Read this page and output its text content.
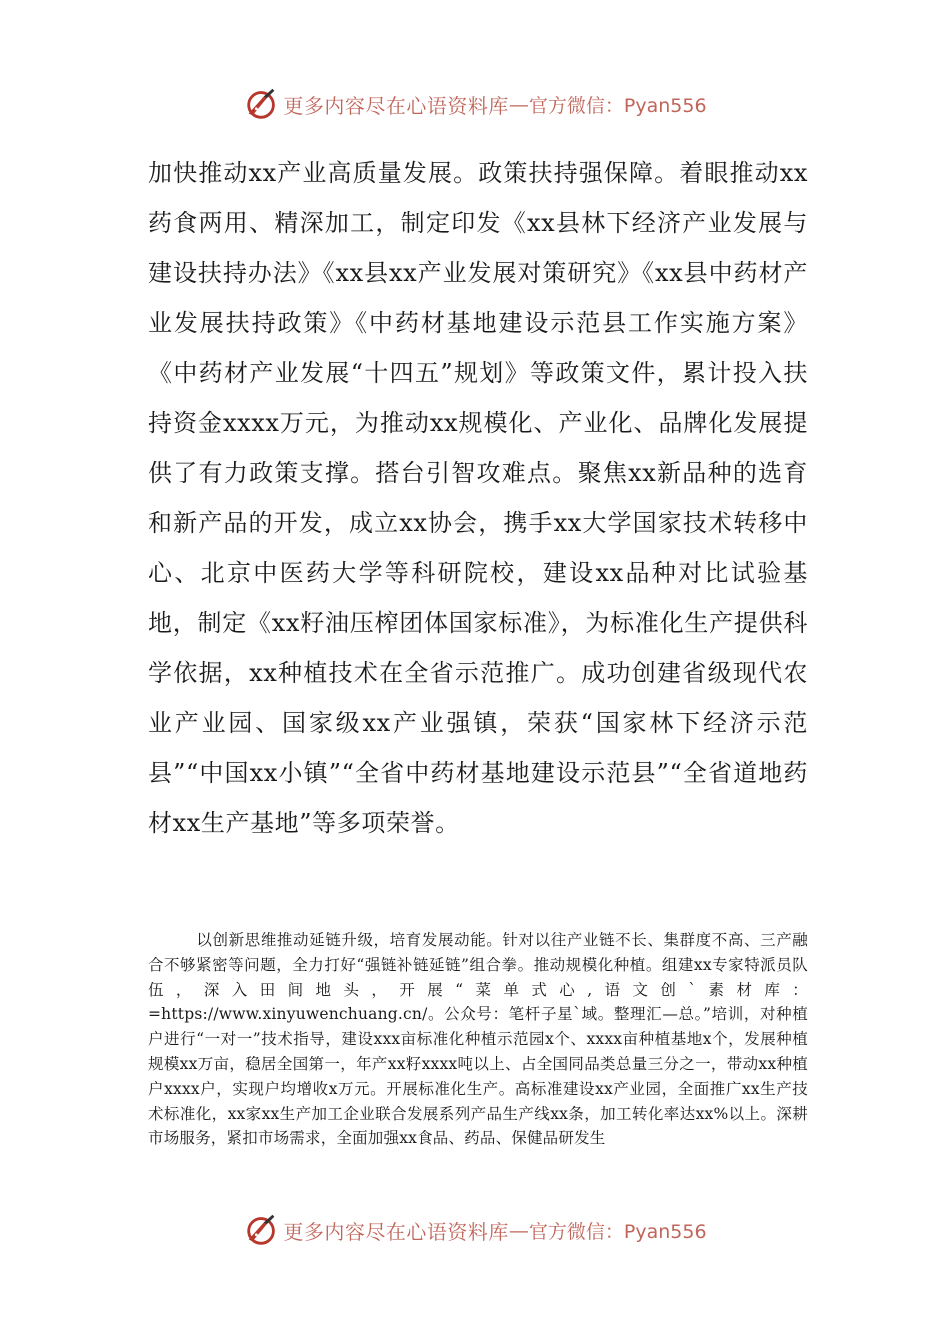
更多内容尽在心语资料库 — 官方微信：Pyan556
加快推动xx产业高质量发展。政策扶持强保障。着眼推动xx药食两用、精深加工，制定印发《xx县林下经济产业发展与建设扶持办法》《xx县xx产业发展对策研究》《xx县中药材产业发展扶持政策》《中药材基地建设示范县工作实施方案》《中药材产业发展“十四五”规划》等政策文件，累计投入扶持资金xxxx万元，为推动xx规模化、产业化、品牌化发展提供了有力政策支撑。搭台引智攻难点。聚焦xx新品种的选育和新产品的开发，成立xx协会，携手xx大学国家技术转移中心、北京中医药大学等科研院校，建设xx品种对比试验基地，制定《xx籽油压榨团体国家标准》，为标准化生产提供科学依据，xx种植技术在全省示范推广。成功创建省级现代农业产业园、国家级xx产业强镇，荣获“国家林下经济示范县”“中国xx小镇”“全省中药材基地建设示范县”“全省道地药材xx生产基地”等多项荣誉。
以创新思维推动延链升级，培育发展动能。针对以往产业链不长、集群度不高、三产融合不够紧密等问题，全力打好“强链补链延链”组合拳。推动规模化种植。组建xx专家特派员队伍，深入田间地头，开展“菜单式心,语文创`素材库：=https://www.xinyuwenchuang.cn/。公众号：笔杆子星`域。整理汇—总。”培训，对种植户进行“一对一”技术指导，建设xxx亩标准化种植示范园x个、xxxx亩种植基地x个，发展种植规模xx万亩，稳居全国第一，年产xx籽xxxx吨以上、占全国同品类总量三分之一，带动xx种植户xxxx户，实现户均增收x万元。开展标准化生产。高标准建设xx产业园，全面推广xx生产技术标准化，xx家xx生产加工企业联合发展系列产品生产线xx条，加工转化率达xx%以上。深耕市场服务，紧扣市场需求，全面加强xx食品、药品、保健品研发生
更多内容尽在心语资料库 — 官方微信：Pyan556
